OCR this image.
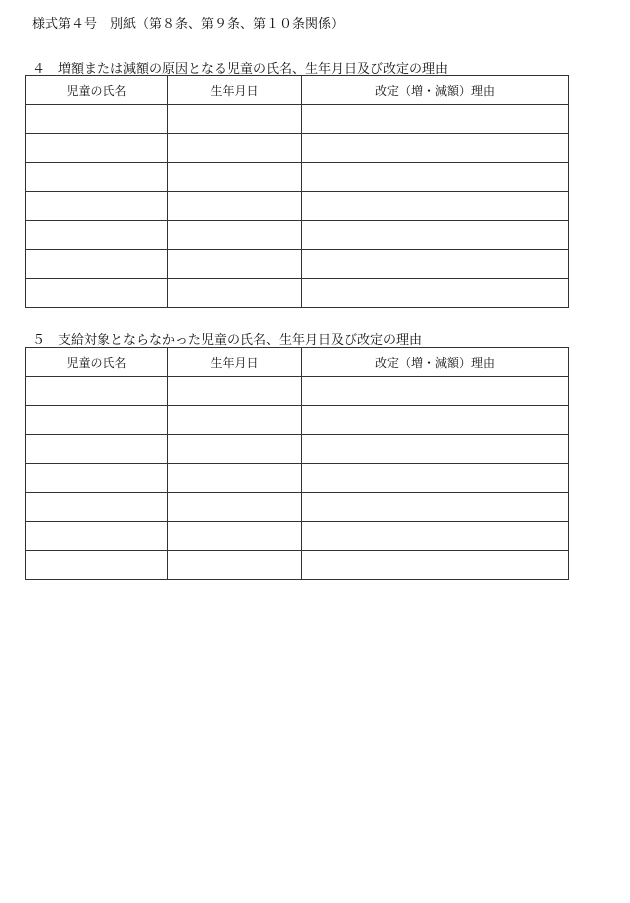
様式第４号　別紙（第８条、第９条、第１０条関係）
４ 増額または減額の原因となる児童の氏名、生年月日及び改定の理由
児童の氏名	生年月日	改定（増・減額）理由

５ 支給対象とならなかった児童の氏名、生年月日及び改定の理由
児童の氏名	生年月日	改定（増・減額）理由
